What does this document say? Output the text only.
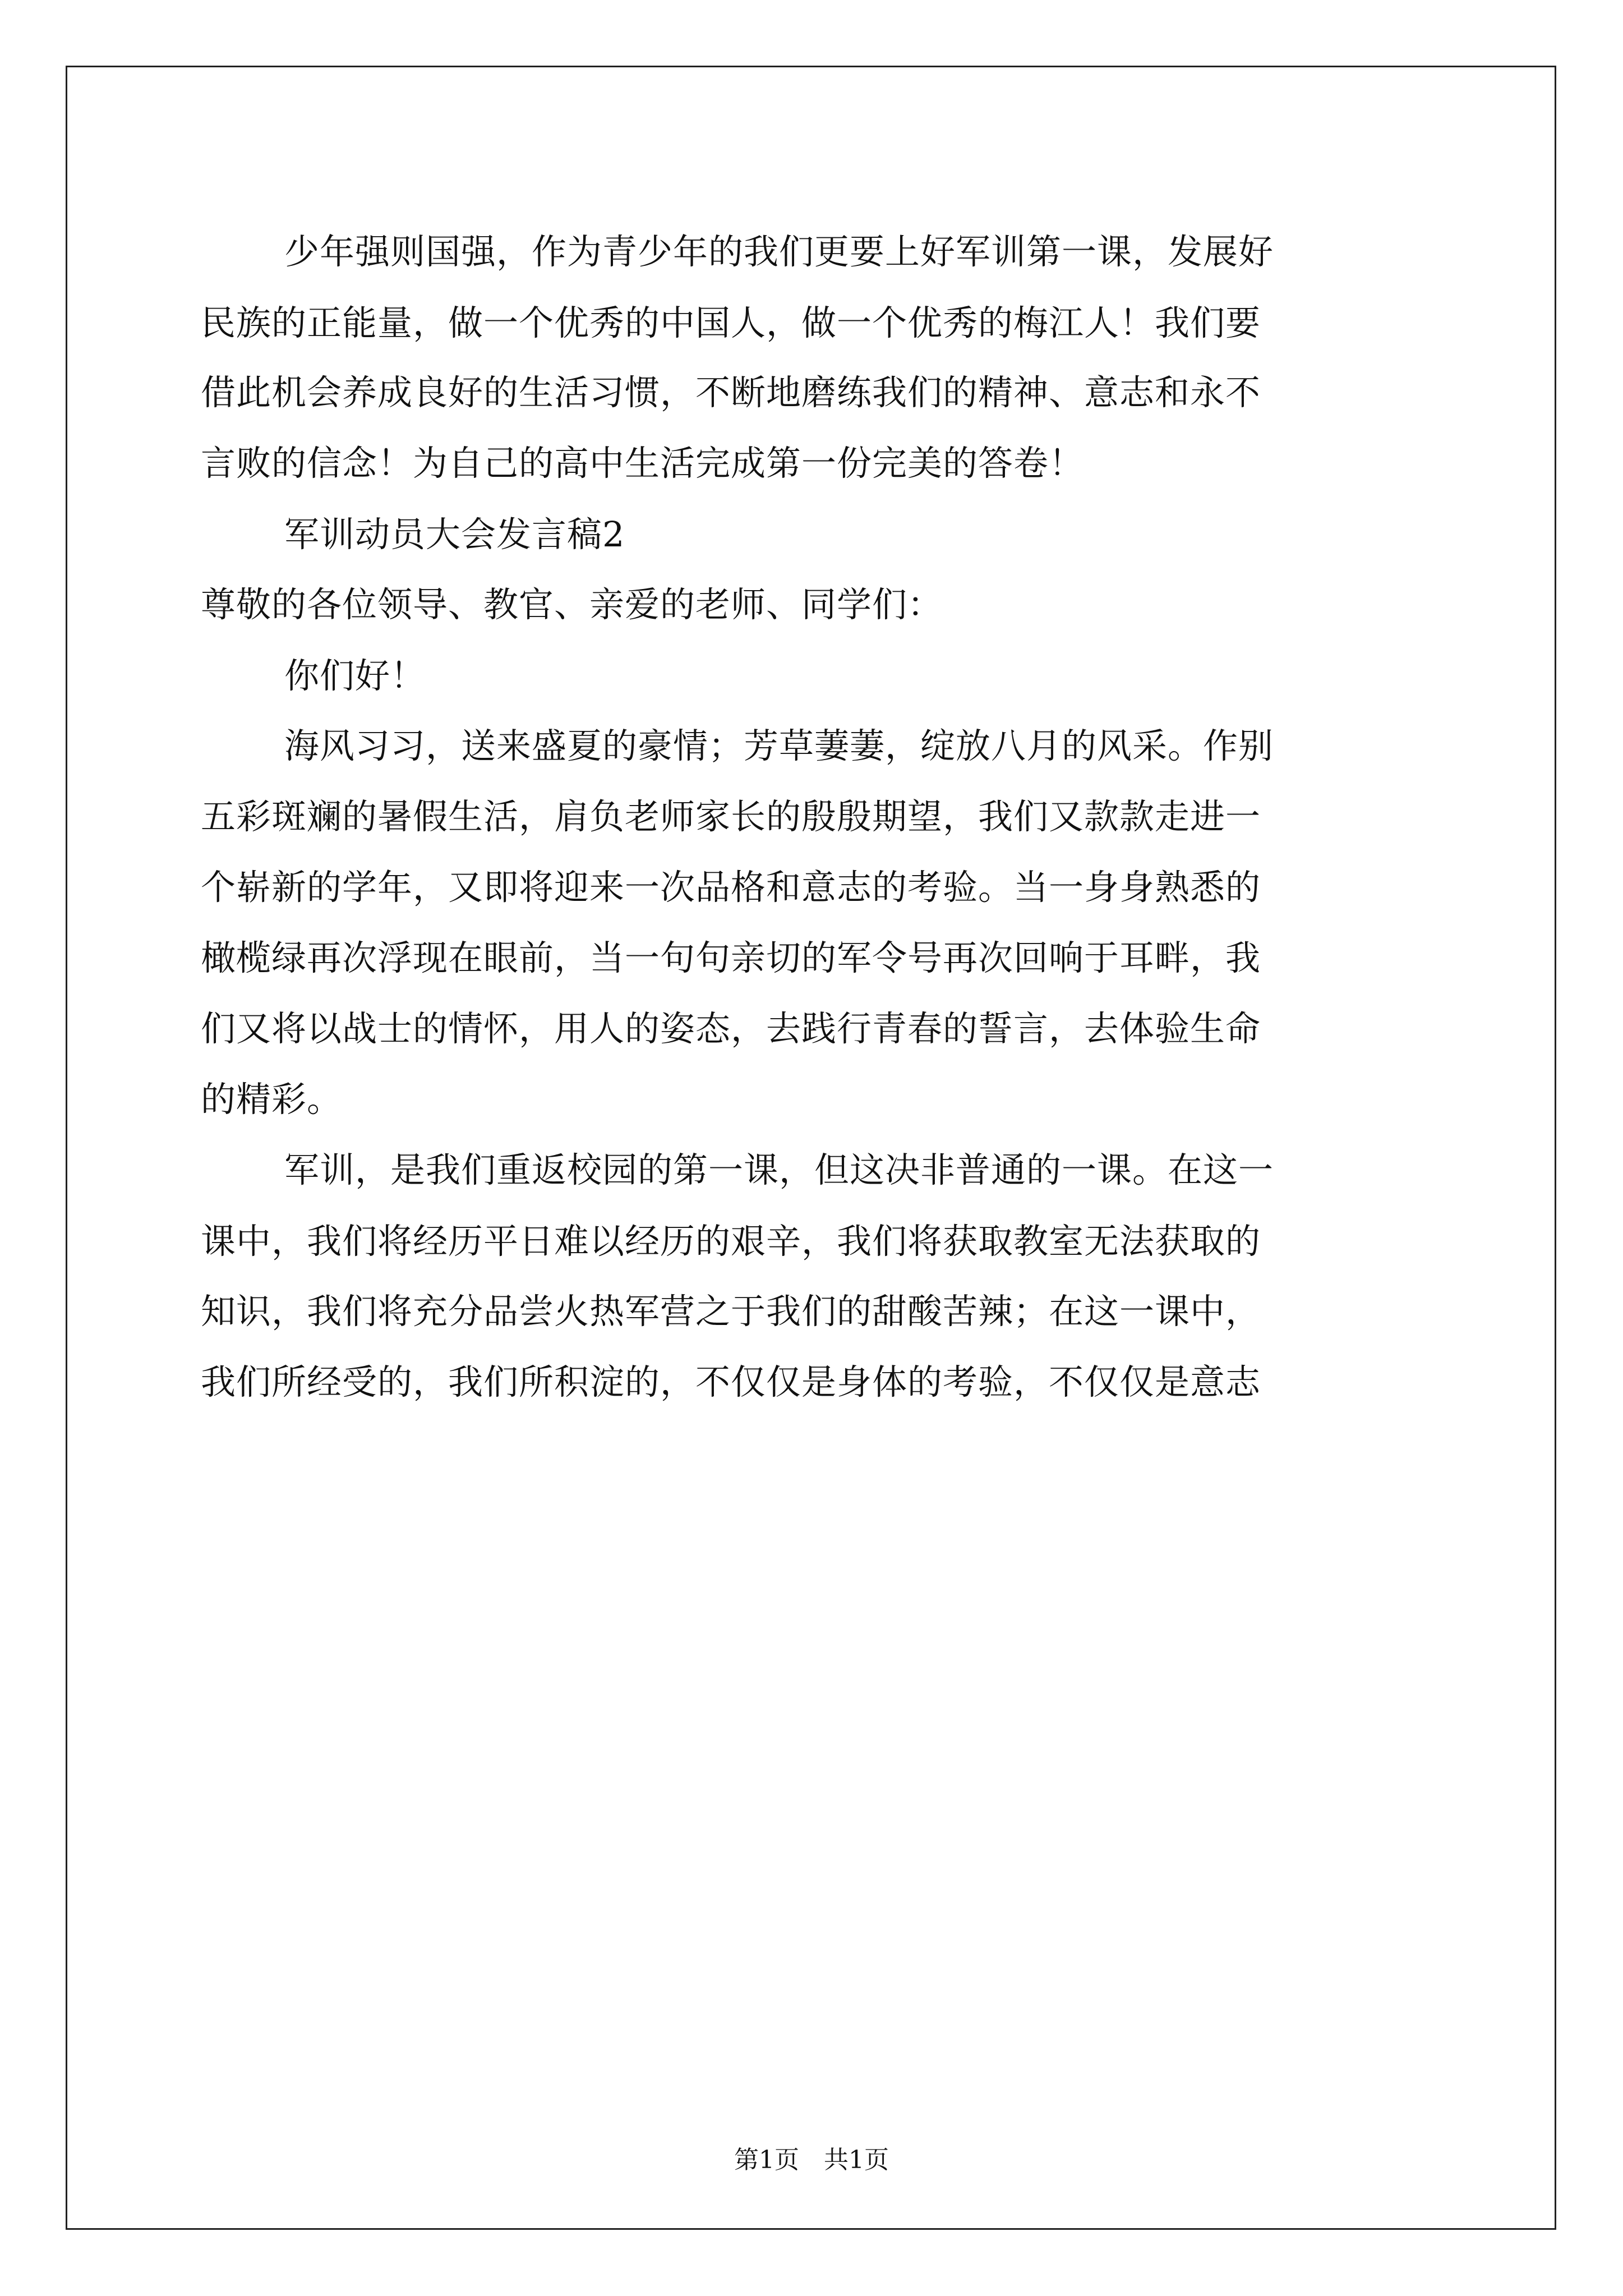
少年强则国强，作为青少年的我们更要上好军训第一课，发展好
民族的正能量，做一个优秀的中国人，做一个优秀的梅江人！我们要
借此机会养成良好的生活习惯，不断地磨练我们的精神、意志和永不
言败的信念！为自己的高中生活完成第一份完美的答卷！
军训动员大会发言稿2
尊敬的各位领导、教官、亲爱的老师、同学们：
你们好！
海风习习，送来盛夏的豪情；芳草萋萋，绽放八月的风采。作别
五彩斑斓的暑假生活，肩负老师家长的殷殷期望，我们又款款走进一
个崭新的学年，又即将迎来一次品格和意志的考验。当一身身熟悉的
橄榄绿再次浮现在眼前，当一句句亲切的军令号再次回响于耳畔，我
们又将以战士的情怀，用人的姿态，去践行青春的誓言，去体验生命
的精彩。
军训，是我们重返校园的第一课，但这决非普通的一课。在这一
课中，我们将经历平日难以经历的艰辛，我们将获取教室无法获取的
知识，我们将充分品尝火热军营之于我们的甜酸苦辣；在这一课中，
我们所经受的，我们所积淀的，不仅仅是身体的考验，不仅仅是意志
第1页　共1页
